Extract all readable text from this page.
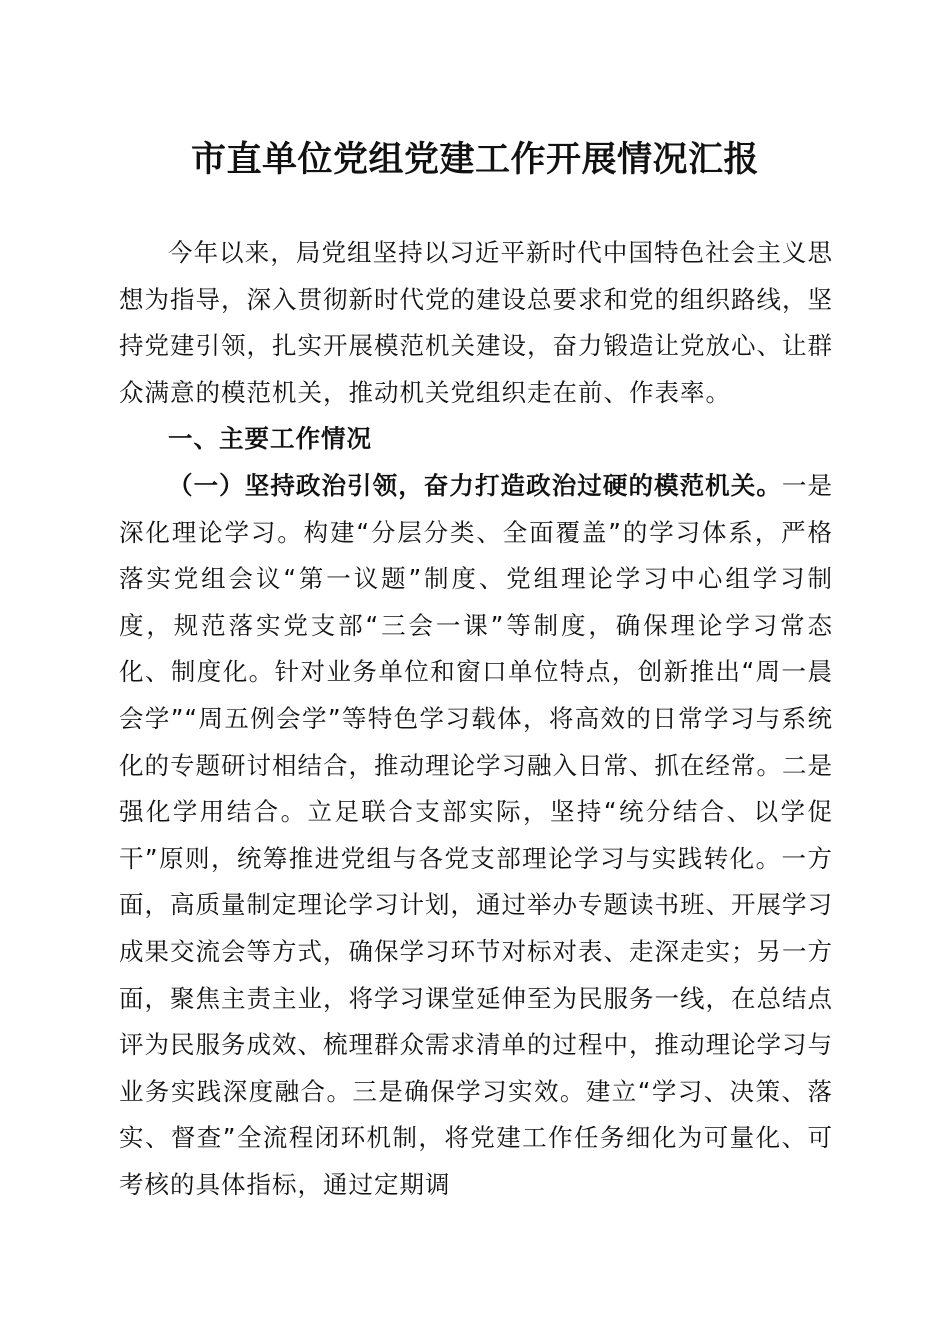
市直单位党组党建工作开展情况汇报

今年以来，局党组坚持以习近平新时代中国特色社会主义思想为指导，深入贯彻新时代党的建设总要求和党的组织路线，坚持党建引领，扎实开展模范机关建设，奋力锻造让党放心、让群众满意的模范机关，推动机关党组织走在前、作表率。

一、主要工作情况

（一）坚持政治引领，奋力打造政治过硬的模范机关。一是深化理论学习。构建“分层分类、全面覆盖”的学习体系，严格落实党组会议“第一议题”制度、党组理论学习中心组学习制度，规范落实党支部“三会一课”等制度，确保理论学习常态化、制度化。针对业务单位和窗口单位特点，创新推出“周一晨会学”“周五例会学”等特色学习载体，将高效的日常学习与系统化的专题研讨相结合，推动理论学习融入日常、抓在经常。二是强化学用结合。立足联合支部实际，坚持“统分结合、以学促干”原则，统筹推进党组与各党支部理论学习与实践转化。一方面，高质量制定理论学习计划，通过举办专题读书班、开展学习成果交流会等方式，确保学习环节对标对表、走深走实；另一方面，聚焦主责主业，将学习课堂延伸至为民服务一线，在总结点评为民服务成效、梳理群众需求清单的过程中，推动理论学习与业务实践深度融合。三是确保学习实效。建立“学习、决策、落实、督查”全流程闭环机制，将党建工作任务细化为可量化、可考核的具体指标，通过定期调
